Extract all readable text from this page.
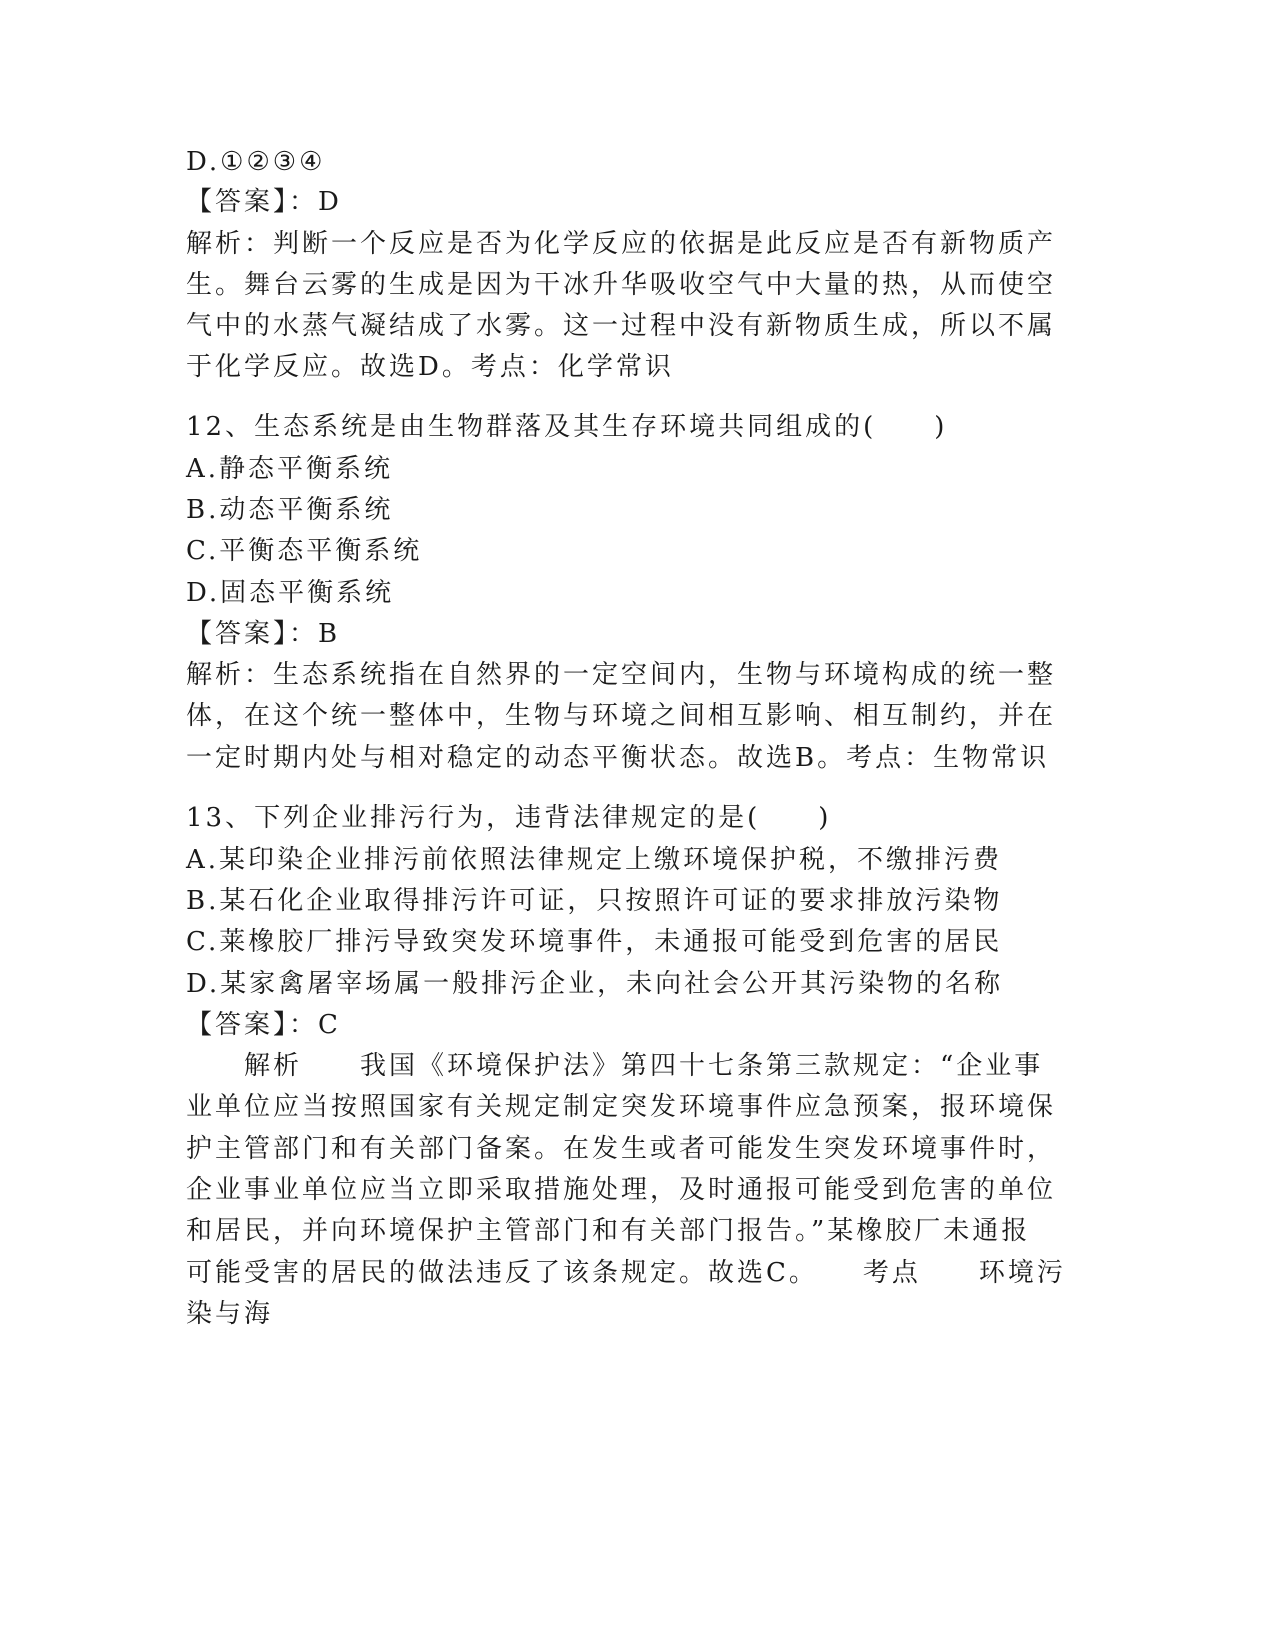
D.①②③④
【答案】：D
解析：判断一个反应是否为化学反应的依据是此反应是否有新物质产
生。舞台云雾的生成是因为干冰升华吸收空气中大量的热，从而使空
气中的水蒸气凝结成了水雾。这一过程中没有新物质生成，所以不属
于化学反应。故选D。考点：化学常识
12、生态系统是由生物群落及其生存环境共同组成的(　　)
A.静态平衡系统
B.动态平衡系统
C.平衡态平衡系统
D.固态平衡系统
【答案】：B
解析：生态系统指在自然界的一定空间内，生物与环境构成的统一整
体，在这个统一整体中，生物与环境之间相互影响、相互制约，并在
一定时期内处与相对稳定的动态平衡状态。故选B。考点：生物常识
13、下列企业排污行为，违背法律规定的是(　　)
A.某印染企业排污前依照法律规定上缴环境保护税，不缴排污费
B.某石化企业取得排污许可证，只按照许可证的要求排放污染物
C.莱橡胶厂排污导致突发环境事件，未通报可能受到危害的居民
D.某家禽屠宰场属一般排污企业，未向社会公开其污染物的名称
【答案】：C
　　解析　　我国《环境保护法》第四十七条第三款规定：“企业事
业单位应当按照国家有关规定制定突发环境事件应急预案，报环境保
护主管部门和有关部门备案。在发生或者可能发生突发环境事件时，
企业事业单位应当立即采取措施处理，及时通报可能受到危害的单位
和居民，并向环境保护主管部门和有关部门报告。”某橡胶厂未通报
可能受害的居民的做法违反了该条规定。故选C。　　考点　　环境污
染与海
